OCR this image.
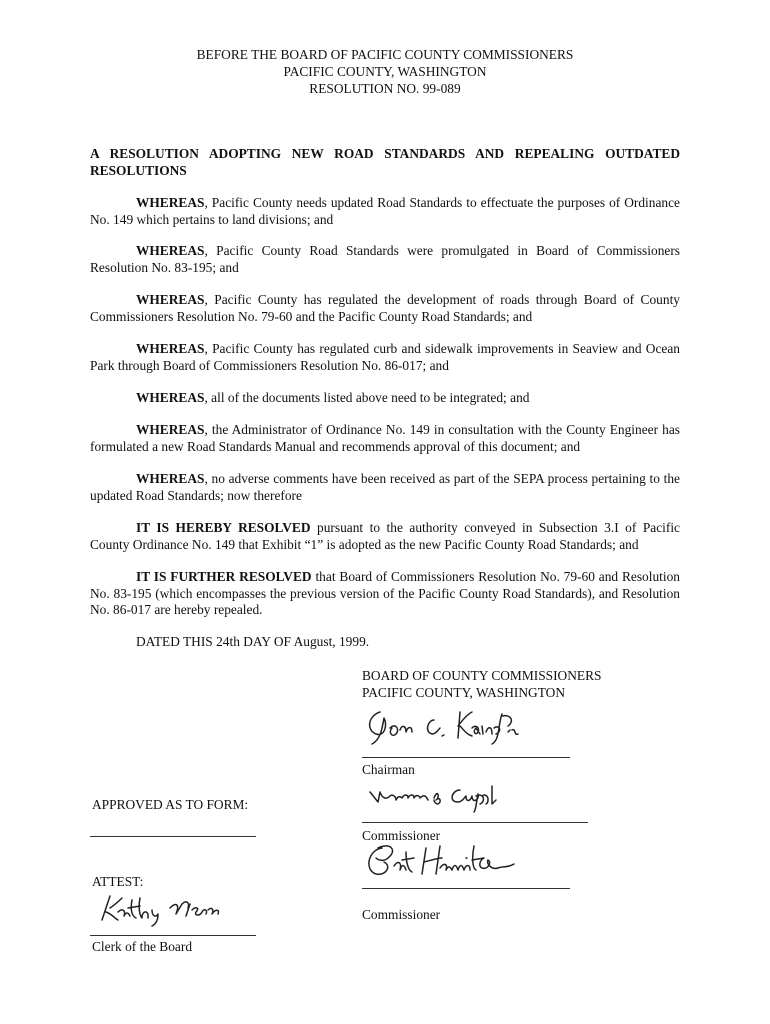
BEFORE THE BOARD OF PACIFIC COUNTY COMMISSIONERS
PACIFIC COUNTY, WASHINGTON
RESOLUTION NO. 99-089
A RESOLUTION ADOPTING NEW ROAD STANDARDS AND REPEALING OUTDATED RESOLUTIONS
WHEREAS, Pacific County needs updated Road Standards to effectuate the purposes of Ordinance No. 149 which pertains to land divisions; and
WHEREAS, Pacific County Road Standards were promulgated in Board of Commissioners Resolution No. 83-195; and
WHEREAS, Pacific County has regulated the development of roads through Board of County Commissioners Resolution No. 79-60 and the Pacific County Road Standards; and
WHEREAS, Pacific County has regulated curb and sidewalk improvements in Seaview and Ocean Park through Board of Commissioners Resolution No. 86-017; and
WHEREAS, all of the documents listed above need to be integrated; and
WHEREAS, the Administrator of Ordinance No. 149 in consultation with the County Engineer has formulated a new Road Standards Manual and recommends approval of this document; and
WHEREAS, no adverse comments have been received as part of the SEPA process pertaining to the updated Road Standards; now therefore
IT IS HEREBY RESOLVED pursuant to the authority conveyed in Subsection 3.I of Pacific County Ordinance No. 149 that Exhibit “1” is adopted as the new Pacific County Road Standards; and
IT IS FURTHER RESOLVED that Board of Commissioners Resolution No. 79-60 and Resolution No. 83-195 (which encompasses the previous version of the Pacific County Road Standards), and Resolution No. 86-017 are hereby repealed.
DATED THIS 24th DAY OF August, 1999.
BOARD OF COUNTY COMMISSIONERS
PACIFIC COUNTY, WASHINGTON
Chairman
APPROVED AS TO FORM:
Commissioner
ATTEST:
Commissioner
Clerk of the Board
